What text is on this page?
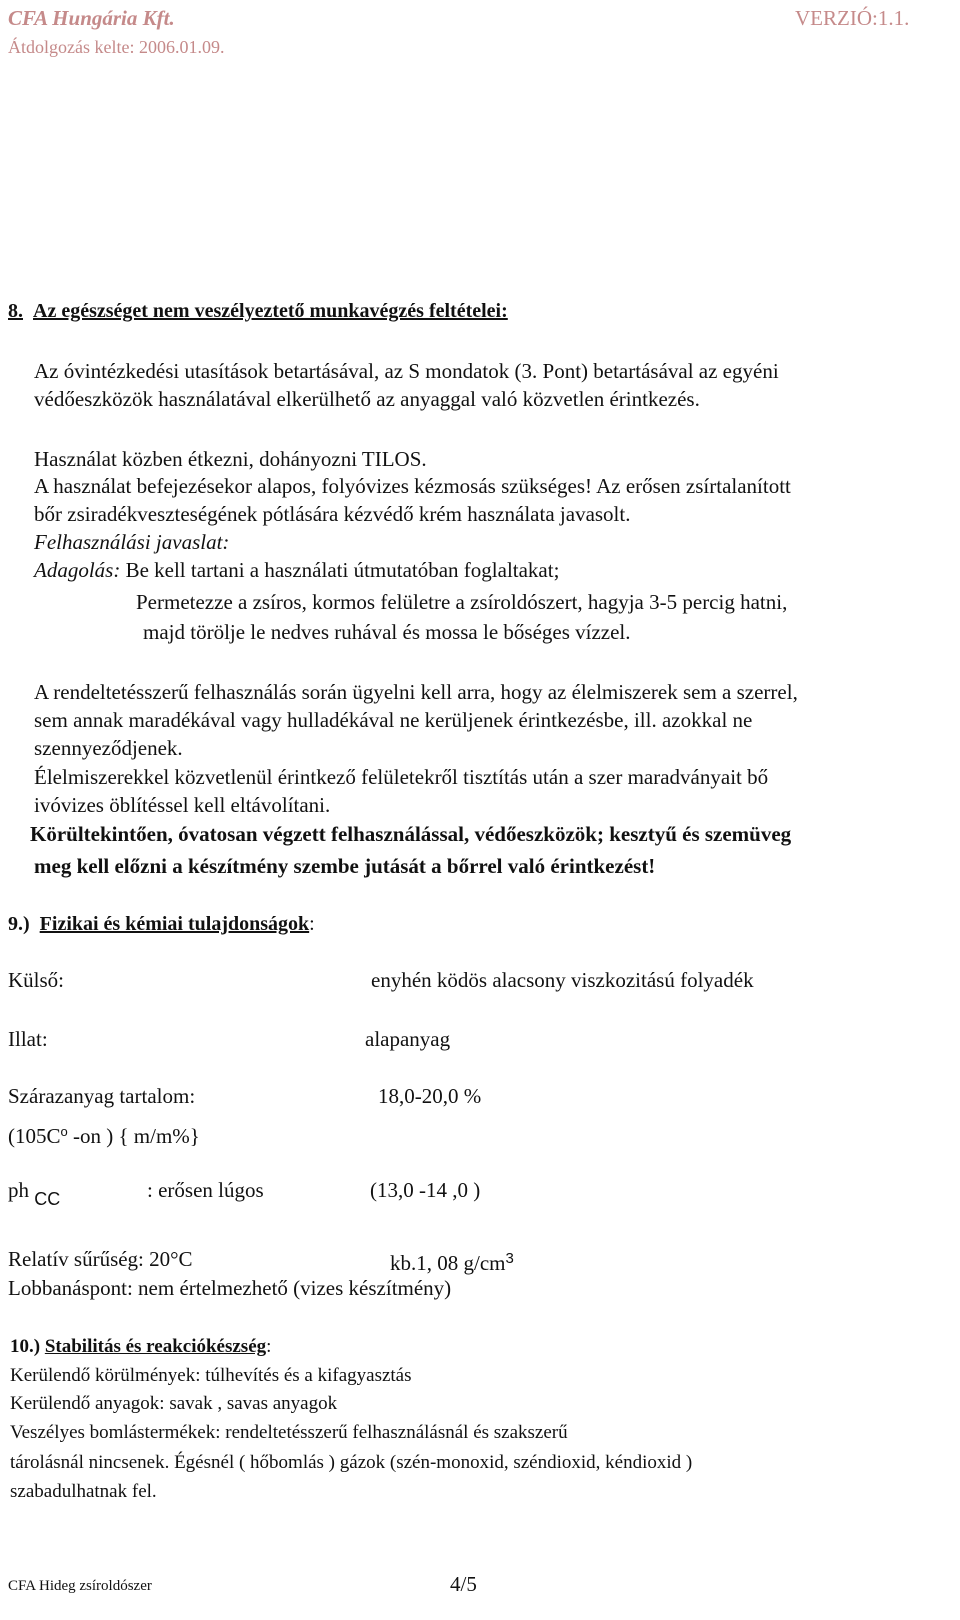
CFA Hungária Kft.	VERZIÓ:1.1.
Átdolgozás kelte: 2006.01.09.
8. Az egészséget nem veszélyeztető munkavégzés feltételei:
Az óvintézkedési utasítások betartásával, az S mondatok (3. Pont) betartásával az egyéni
védőeszközök használatával elkerülhető az anyaggal való közvetlen érintkezés.
Használat közben étkezni, dohányozni TILOS.
A használat befejezésekor alapos, folyóvizes kézmosás szükséges! Az erősen zsírtalanított
bőr zsiradékveszteségének pótlására kézvédő krém használata javasolt.
Felhasználási javaslat:
Adagolás: Be kell tartani a használati útmutatóban foglaltakat;
Permetezze a zsíros, kormos felületre a zsíroldószert, hagyja 3-5 percig hatni,
majd törölje le nedves ruhával és mossa le bőséges vízzel.
A rendeltetésszerű felhasználás során ügyelni kell arra, hogy az élelmiszerek sem a szerrel,
sem annak maradékával vagy hulladékával ne kerüljenek érintkezésbe, ill. azokkal ne
szennyeződjenek.
Élelmiszerekkel közvetlenül érintkező felületekről tisztítás után a szer maradványait bő
ivóvizes öblítéssel kell eltávolítani.
Körültekintően, óvatosan végzett felhasználással, védőeszközök; kesztyű és szemüveg
meg kell előzni a készítmény szembe jutását a bőrrel való érintkezést!
9.) Fizikai és kémiai tulajdonságok:
Külső:	enyhén ködös alacsony viszkozitású folyadék
Illat:	alapanyag
Szárazanyag tartalom:	18,0-20,0 %
($105C^o$ -on ) { m/m%}
ph $_{CC}$	: erősen lúgos	(13,0 -14 ,0 )
Relatív sűrűség: 20°C	kb.1, 08 $g/cm^3$
Lobbanáspont: nem értelmezhető (vizes készítmény)
10.) Stabilitás és reakciókészség:
Kerülendő körülmények: túlhevítés és a kifagyasztás
Kerülendő anyagok: savak , savas anyagok
Veszélyes bomlástermékek: rendeltetésszerű felhasználásnál és szakszerű
tárolásnál nincsenek. Égésnél ( hőbomlás ) gázok (szén-monoxid, széndioxid, kéndioxid )
szabadulhatnak fel.
CFA Hideg zsíroldószer	4/5
